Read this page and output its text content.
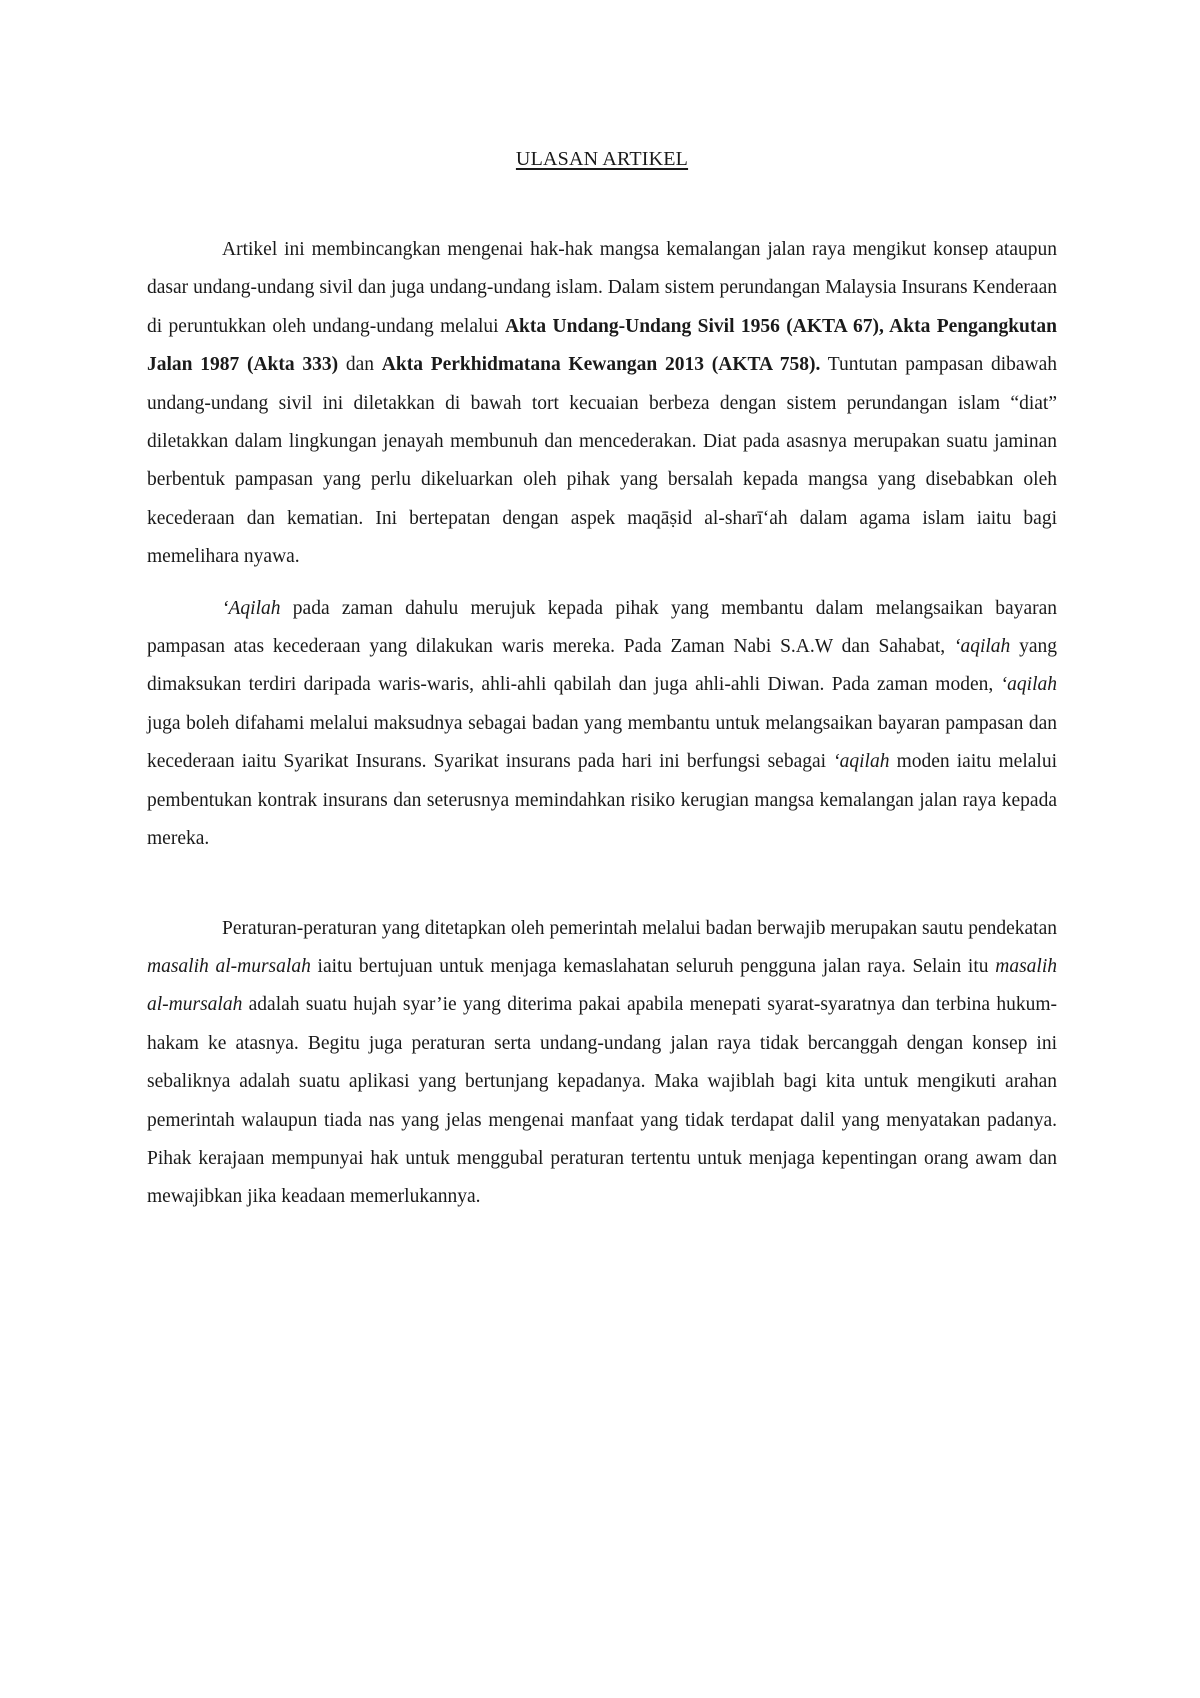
ULASAN ARTIKEL

Artikel ini membincangkan mengenai hak-hak mangsa kemalangan jalan raya mengikut konsep ataupun dasar undang-undang sivil dan juga undang-undang islam. Dalam sistem perundangan Malaysia Insurans Kenderaan di peruntukkan oleh undang-undang melalui Akta Undang-Undang Sivil 1956 (AKTA 67), Akta Pengangkutan Jalan 1987 (Akta 333) dan Akta Perkhidmatana Kewangan 2013 (AKTA 758). Tuntutan pampasan dibawah undang-undang sivil ini diletakkan di bawah tort kecuaian berbeza dengan sistem perundangan islam “diat” diletakkan dalam lingkungan jenayah membunuh dan mencederakan. Diat pada asasnya merupakan suatu jaminan berbentuk pampasan yang perlu dikeluarkan oleh pihak yang bersalah kepada mangsa yang disebabkan oleh kecederaan dan kematian. Ini bertepatan dengan aspek maqāṣid al-sharī‘ah dalam agama islam iaitu bagi memelihara nyawa.

‘Aqilah pada zaman dahulu merujuk kepada pihak yang membantu dalam melangsaikan bayaran pampasan atas kecederaan yang dilakukan waris mereka. Pada Zaman Nabi S.A.W dan Sahabat, ‘aqilah yang dimaksukan terdiri daripada waris-waris, ahli-ahli qabilah dan juga ahli-ahli Diwan. Pada zaman moden, ‘aqilah juga boleh difahami melalui maksudnya sebagai badan yang membantu untuk melangsaikan bayaran pampasan dan kecederaan iaitu Syarikat Insurans. Syarikat insurans pada hari ini berfungsi sebagai ‘aqilah moden iaitu melalui pembentukan kontrak insurans dan seterusnya memindahkan risiko kerugian mangsa kemalangan jalan raya kepada mereka.

Peraturan-peraturan yang ditetapkan oleh pemerintah melalui badan berwajib merupakan sautu pendekatan masalih al-mursalah iaitu bertujuan untuk menjaga kemaslahatan seluruh pengguna jalan raya. Selain itu masalih al-mursalah adalah suatu hujah syar’ie yang diterima pakai apabila menepati syarat-syaratnya dan terbina hukum-hakam ke atasnya. Begitu juga peraturan serta undang-undang jalan raya tidak bercanggah dengan konsep ini sebaliknya adalah suatu aplikasi yang bertunjang kepadanya. Maka wajiblah bagi kita untuk mengikuti arahan pemerintah walaupun tiada nas yang jelas mengenai manfaat yang tidak terdapat dalil yang menyatakan padanya. Pihak kerajaan mempunyai hak untuk menggubal peraturan tertentu untuk menjaga kepentingan orang awam dan mewajibkan jika keadaan memerlukannya.
